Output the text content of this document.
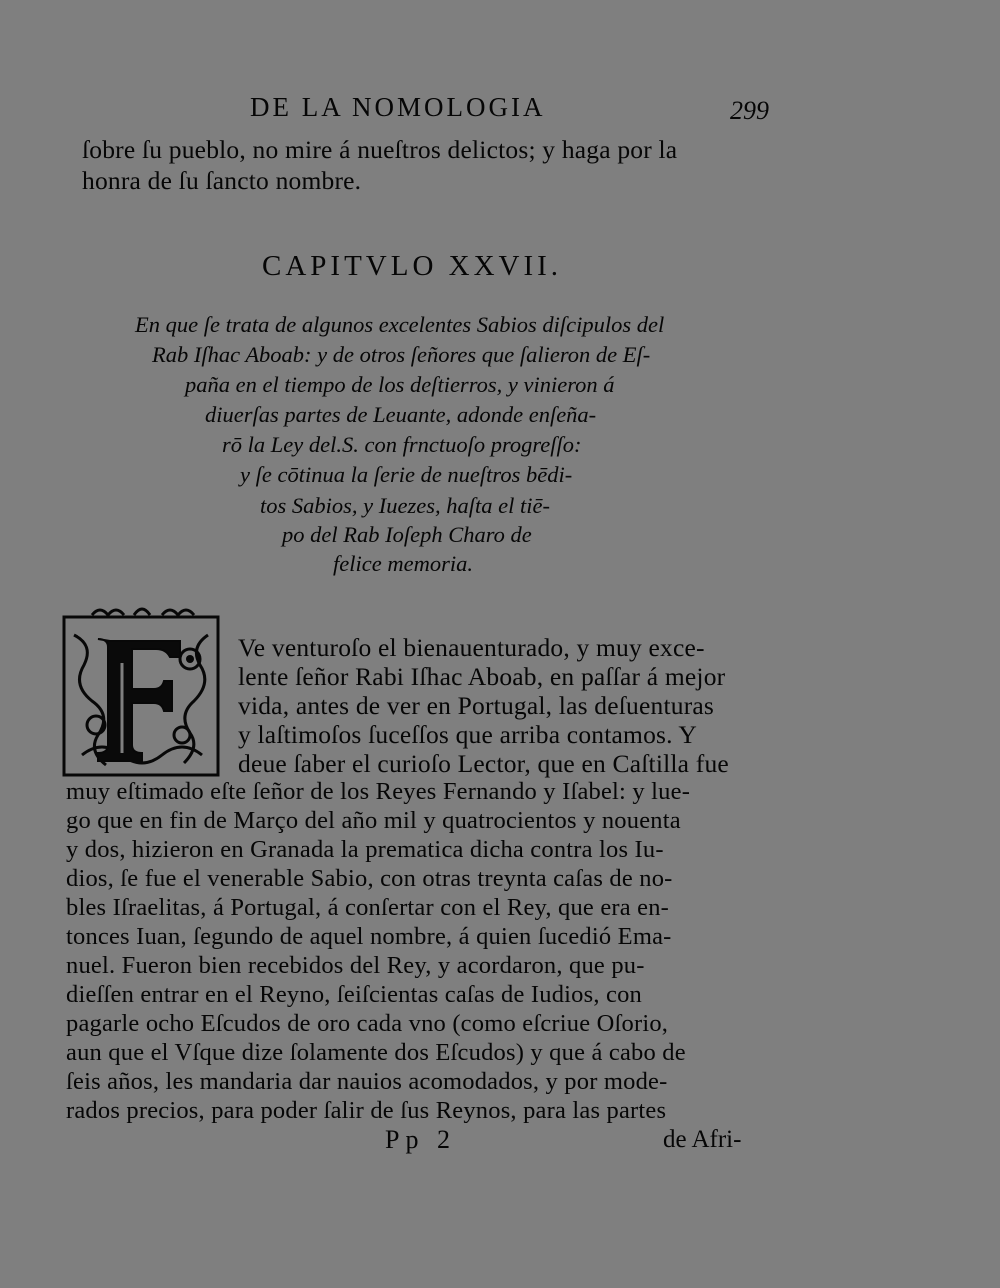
DE LA NOMOLOGIA	299
ſobre ſu pueblo, no mire á nueſtros delictos; y haga por la
honra de ſu ſancto nombre.
CAPITVLO XXVII.
En que ſe trata de algunos excelentes Sabios diſcipulos del
Rab Iſhac Aboab: y de otros ſeñores que ſalieron de Eſ-
paña en el tiempo de los deſtierros, y vinieron á
diuerſas partes de Leuante, adonde enſeña-
rō la Ley del.S. con frnctuoſo progreſſo:
y ſe cōtinua la ſerie de nueſtros bēdi-
tos Sabios, y Iuezes, haſta el tiē-
po del Rab Ioſeph Charo de
felice memoria.
Ve venturoſo el bienauenturado, y muy exce-
lente ſeñor Rabi Iſhac Aboab, en paſſar á mejor
vida, antes de ver en Portugal, las deſuenturas
y laſtimoſos ſuceſſos que arriba contamos. Y
deue ſaber el curioſo Lector, que en Caſtilla fue
muy eſtimado eſte ſeñor de los Reyes Fernando y Iſabel: y lue-
go que en fin de Março del año mil y quatrocientos y nouenta
y dos, hizieron en Granada la prematica dicha contra los Iu-
dios, ſe fue el venerable Sabio, con otras treynta caſas de no-
bles Iſraelitas, á Portugal, á conſertar con el Rey, que era en-
tonces Iuan, ſegundo de aquel nombre, á quien ſucedió Ema-
nuel. Fueron bien recebidos del Rey, y acordaron, que pu-
dieſſen entrar en el Reyno, ſeiſcientas caſas de Iudios, con
pagarle ocho Eſcudos de oro cada vno (como eſcriue Oſorio,
aun que el Vſque dize ſolamente dos Eſcudos) y que á cabo de
ſeis años, les mandaria dar nauios acomodados, y por mode-
rados precios, para poder ſalir de ſus Reynos, para las partes
Pp 2	de Afri-
